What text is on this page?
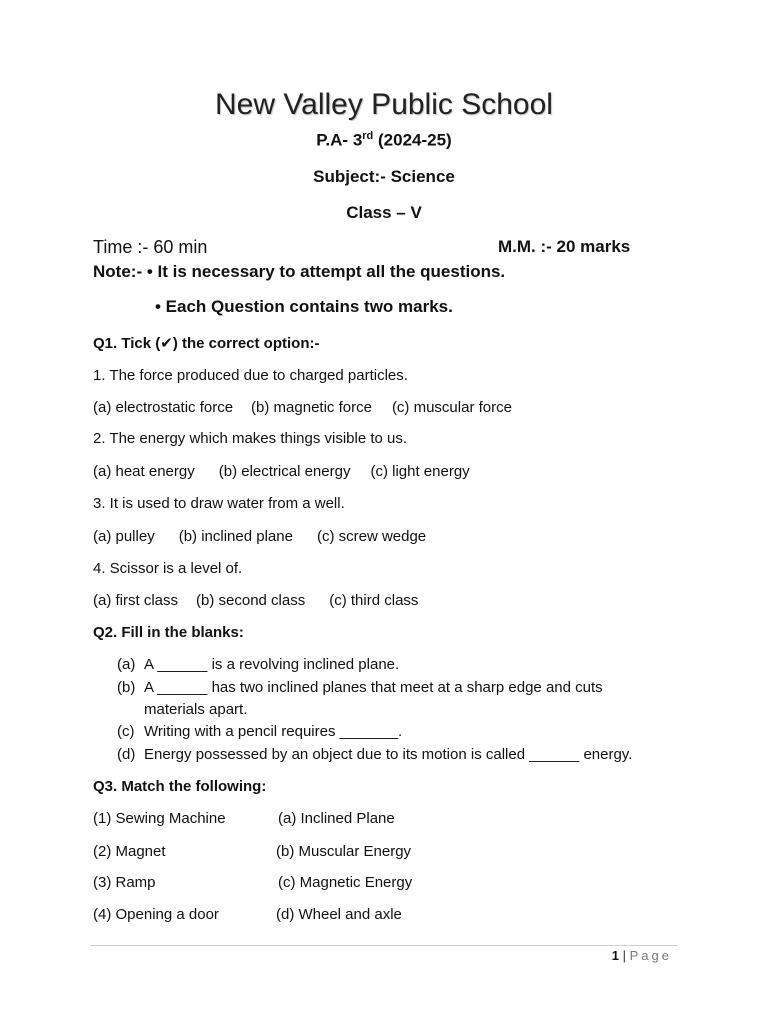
New Valley Public School
P.A- 3rd (2024-25)
Subject:- Science
Class – V
Time :- 60 min	M.M. :- 20 marks
Note:- • It is necessary to attempt all the questions.
• Each Question contains two marks.
Q1. Tick (✔) the correct option:-
1. The force produced due to charged particles.
(a) electrostatic force (b) magnetic force (c) muscular force
2. The energy which makes things visible to us.
(a) heat energy (b) electrical energy (c) light energy
3. It is used to draw water from a well.
(a) pulley (b) inclined plane (c) screw wedge
4. Scissor is a level of.
(a) first class (b) second class (c) third class
Q2. Fill in the blanks:
(a) A ______ is a revolving inclined plane.
(b) A ______ has two inclined planes that meet at a sharp edge and cuts
materials apart.
(c) Writing with a pencil requires _______.
(d) Energy possessed by an object due to its motion is called ______ energy.
Q3. Match the following:
(1) Sewing Machine	(a) Inclined Plane
(2) Magnet	(b) Muscular Energy
(3) Ramp	(c) Magnetic Energy
(4) Opening a door	(d) Wheel and axle
1 | Page
